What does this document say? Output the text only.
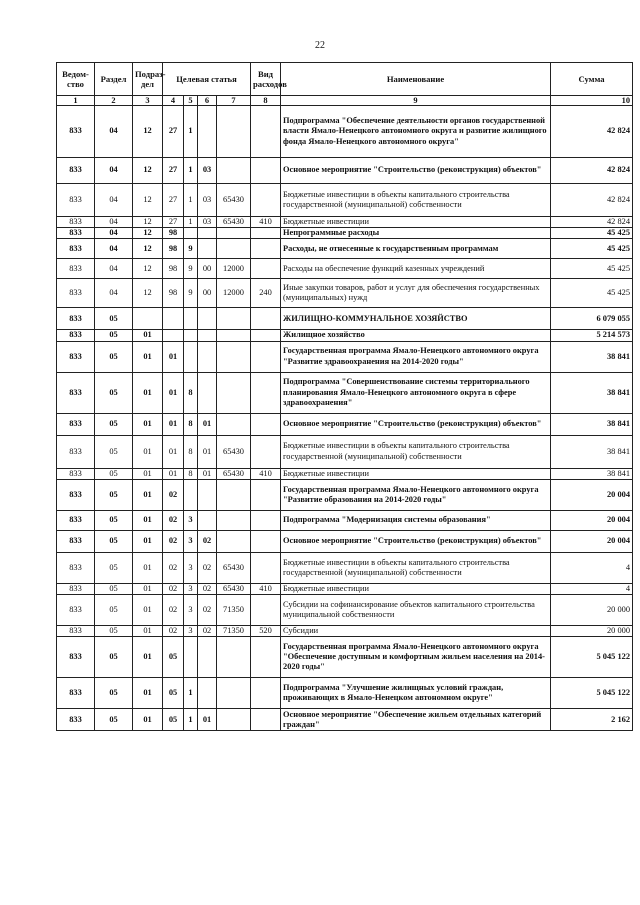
22
Ведом-ство	Раздел	Подраз-дел	Целевая статья				Вид расходов	Наименование	Сумма
1	2	3	4	5	6	7	8	9	10
833	04	12	27	1				Подпрограмма "Обеспечение деятельности органов государственной власти Ямало-Ненецкого автономного округа и развитие жилищного фонда Ямало-Ненецкого автономного округа"	42 824
833	04	12	27	1	03			Основное мероприятие "Строительство (реконструкция) объектов"	42 824
833	04	12	27	1	03	65430		Бюджетные инвестиции в объекты капитального строительства государственной (муниципальной) собственности	42 824
833	04	12	27	1	03	65430	410	Бюджетные инвестиции	42 824
833	04	12	98					Непрограммные расходы	45 425
833	04	12	98	9				Расходы, не отнесенные к государственным программам	45 425
833	04	12	98	9	00	12000		Расходы на обеспечение функций казенных учреждений	45 425
833	04	12	98	9	00	12000	240	Иные закупки товаров, работ и услуг для обеспечения государственных (муниципальных) нужд	45 425
833	05							ЖИЛИЩНО-КОММУНАЛЬНОЕ ХОЗЯЙСТВО	6 079 055
833	05	01						Жилищное хозяйство	5 214 573
833	05	01	01					Государственная программа Ямало-Ненецкого автономного округа "Развитие здравоохранения на 2014-2020 годы"	38 841
833	05	01	01	8				Подпрограмма "Совершенствование системы территориального планирования Ямало-Ненецкого автономного округа в сфере здравоохранения"	38 841
833	05	01	01	8	01			Основное мероприятие "Строительство (реконструкция) объектов"	38 841
833	05	01	01	8	01	65430		Бюджетные инвестиции в объекты капитального строительства государственной (муниципальной) собственности	38 841
833	05	01	01	8	01	65430	410	Бюджетные инвестиции	38 841
833	05	01	02					Государственная программа Ямало-Ненецкого автономного округа "Развитие образования на 2014-2020 годы"	20 004
833	05	01	02	3				Подпрограмма "Модернизация системы образования"	20 004
833	05	01	02	3	02			Основное мероприятие "Строительство (реконструкция) объектов"	20 004
833	05	01	02	3	02	65430		Бюджетные инвестиции в объекты капитального строительства государственной (муниципальной) собственности	4
833	05	01	02	3	02	65430	410	Бюджетные инвестиции	4
833	05	01	02	3	02	71350		Субсидии на софинансирование объектов капитального строительства муниципальной собственности	20 000
833	05	01	02	3	02	71350	520	Субсидии	20 000
833	05	01	05					Государственная программа Ямало-Ненецкого автономного округа "Обеспечение доступным и комфортным жильем населения на 2014-2020 годы"	5 045 122
833	05	01	05	1				Подпрограмма "Улучшение жилищных условий граждан, проживающих в Ямало-Ненецком автономном округе"	5 045 122
833	05	01	05	1	01			Основное мероприятие "Обеспечение жильем отдельных категорий граждан"	2 162
